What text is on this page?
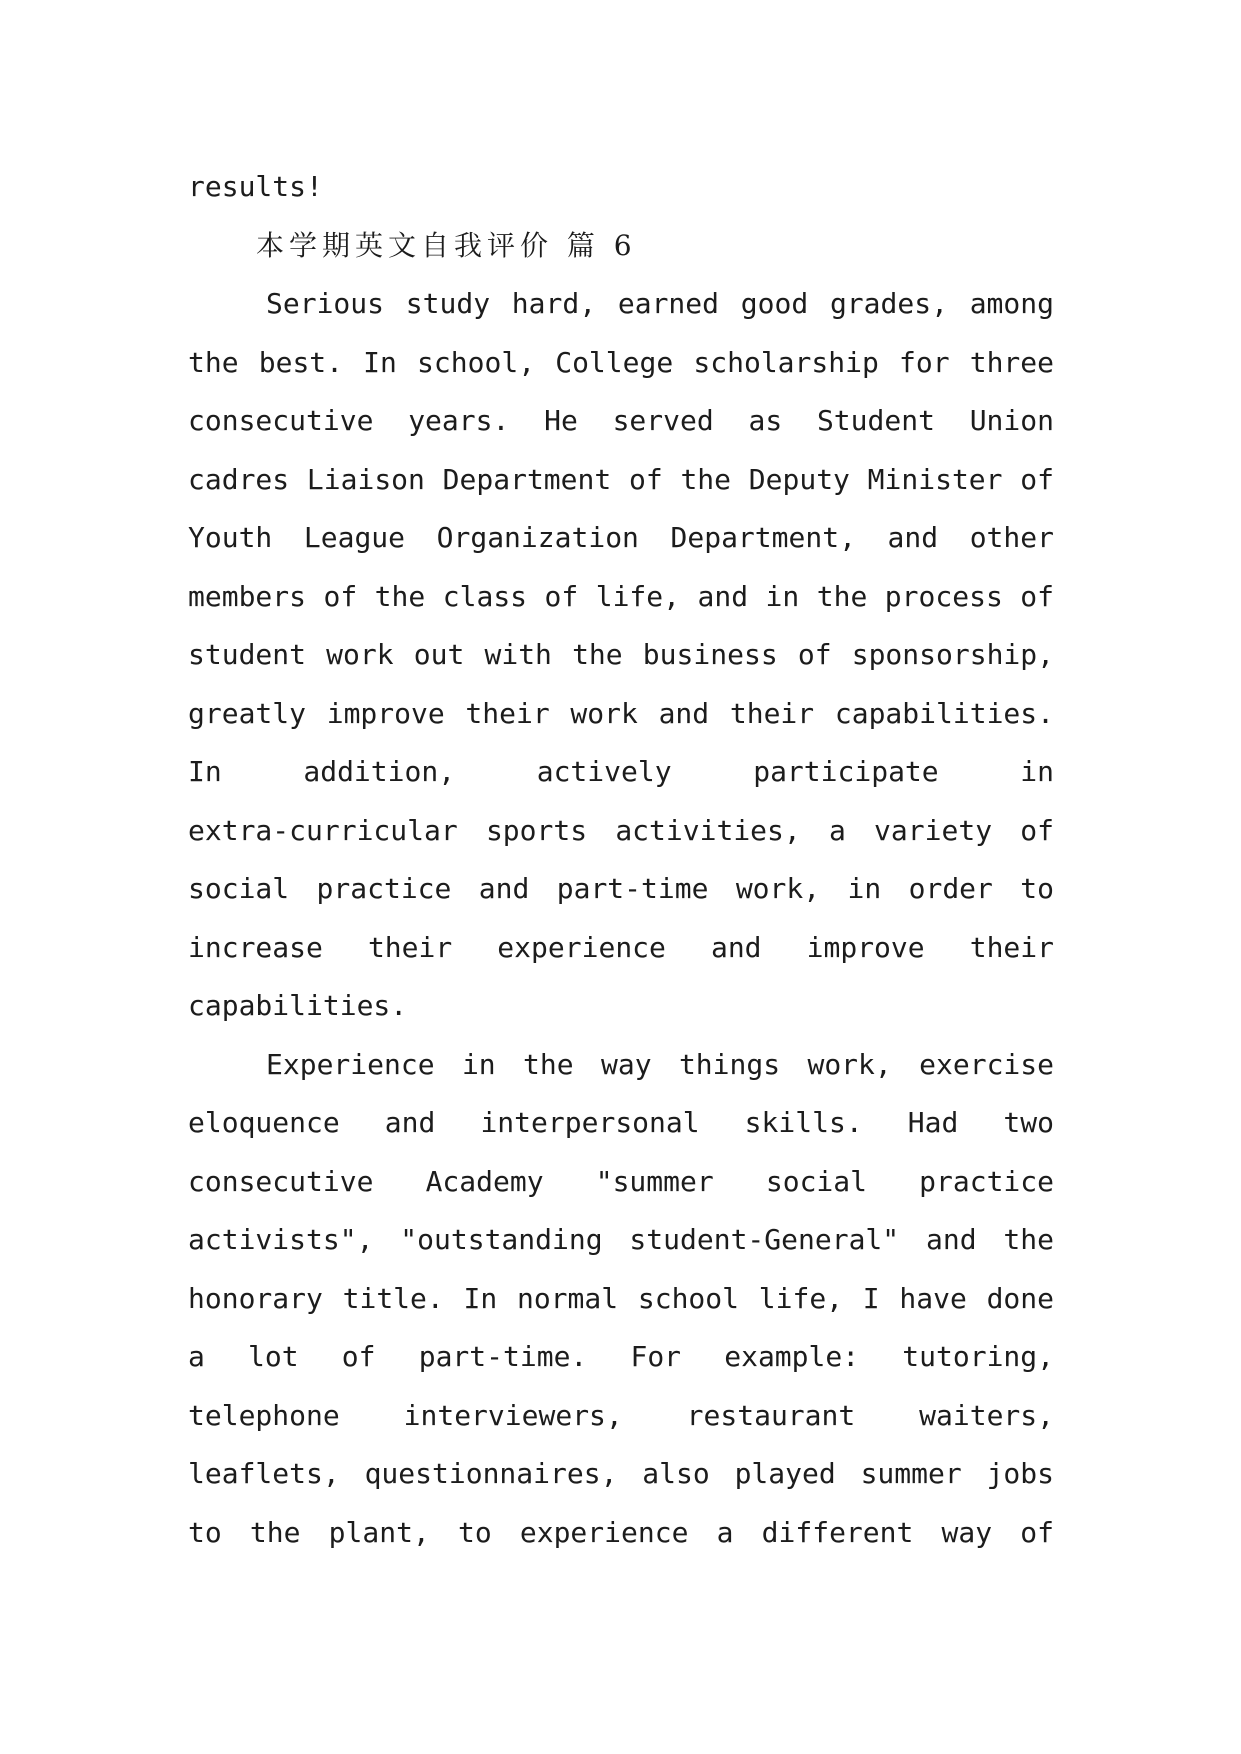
results!
本学期英文自我评价 篇 6
Serious study hard, earned good grades, among
the best. In school, College scholarship for three
consecutive years. He served as Student Union
cadres Liaison Department of the Deputy Minister of
Youth League Organization Department, and other
members of the class of life, and in the process of
student work out with the business of sponsorship,
greatly improve their work and their capabilities.
In addition, actively participate in
extra-curricular sports activities, a variety of
social practice and part-time work, in order to
increase their experience and improve their
capabilities.
Experience in the way things work, exercise
eloquence and interpersonal skills. Had two
consecutive Academy "summer social practice
activists", "outstanding student-General" and the
honorary title. In normal school life, I have done
a lot of part-time. For example: tutoring,
telephone interviewers, restaurant waiters,
leaflets, questionnaires, also played summer jobs
to the plant, to experience a different way of
